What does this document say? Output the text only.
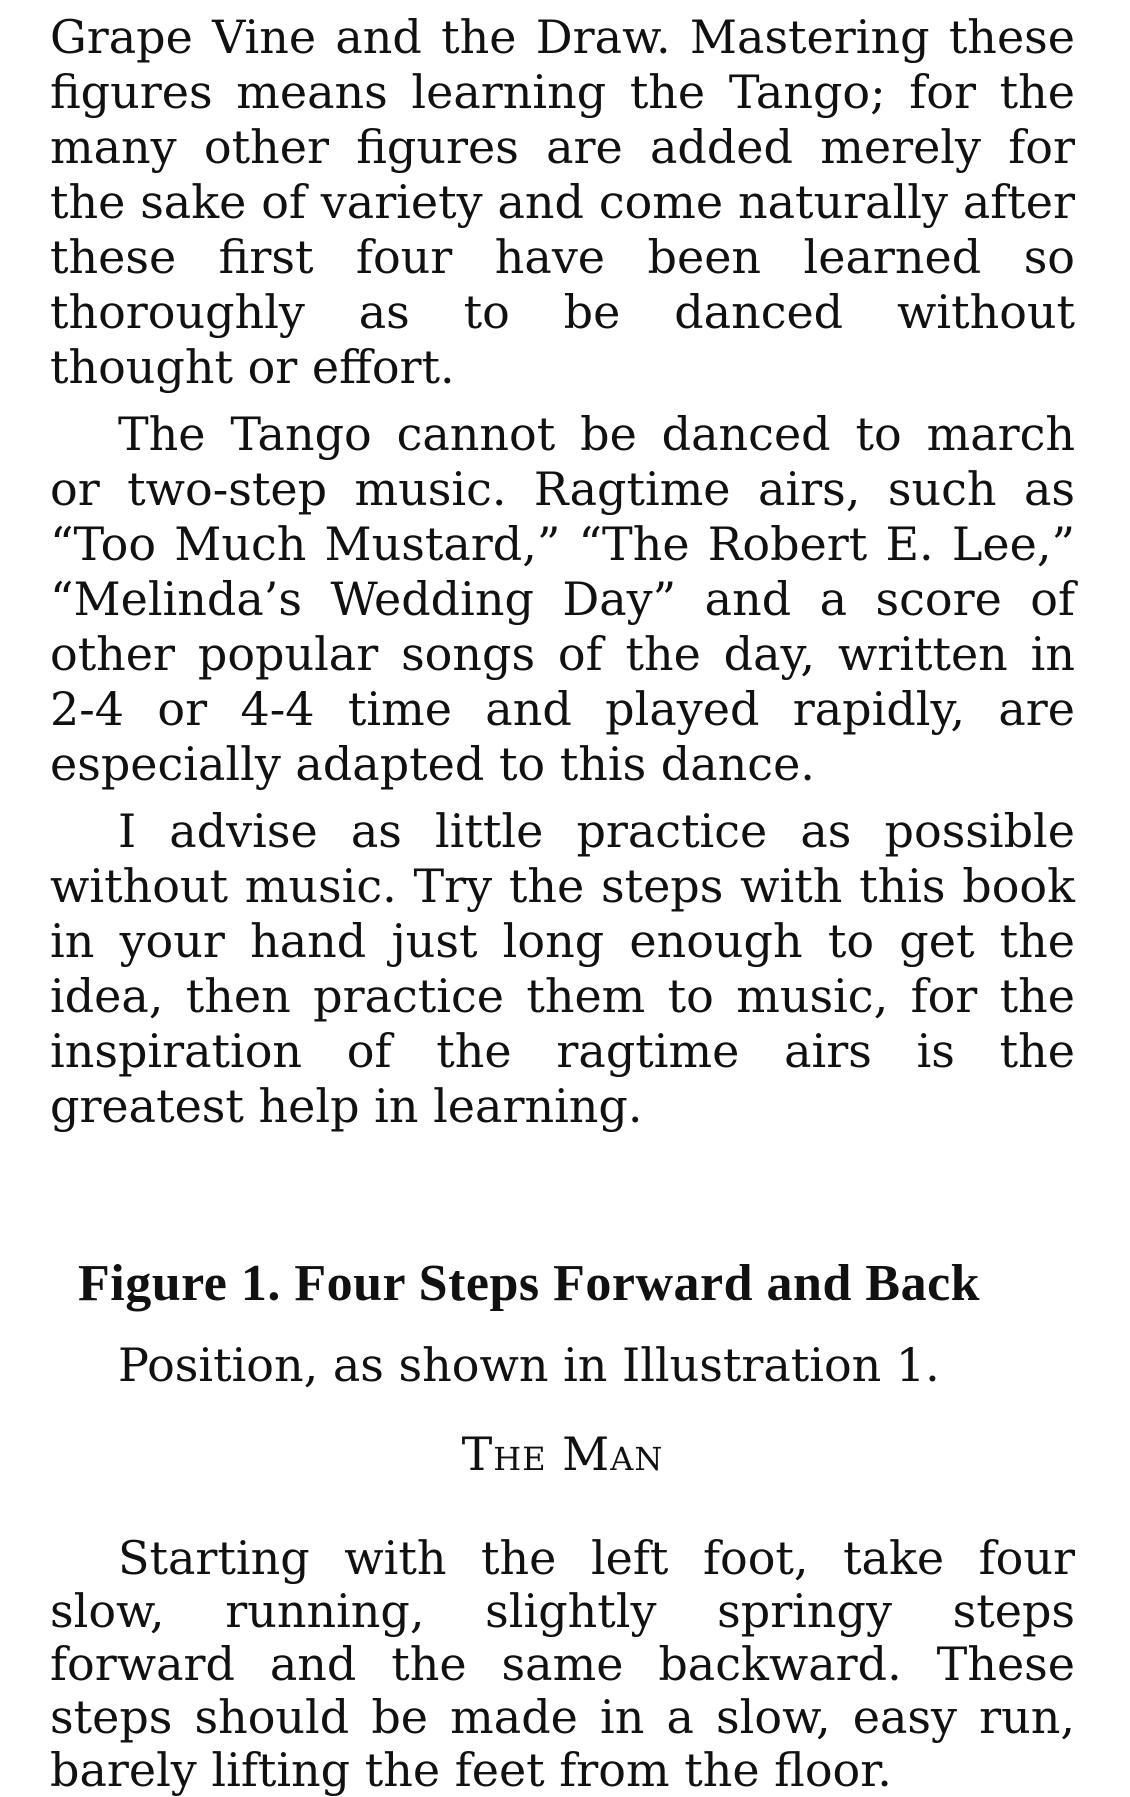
Grape Vine and the Draw. Mastering these figures means learning the Tango; for the many other figures are added merely for the sake of variety and come naturally after these first four have been learned so thoroughly as to be danced without thought or effort.

The Tango cannot be danced to march or two-step music. Ragtime airs, such as “Too Much Mustard,” “The Robert E. Lee,” “Melinda’s Wedding Day” and a score of other popular songs of the day, written in 2-4 or 4-4 time and played rapidly, are especially adapted to this dance.

I advise as little practice as possible without music. Try the steps with this book in your hand just long enough to get the idea, then practice them to music, for the inspiration of the ragtime airs is the greatest help in learning.

Figure 1. Four Steps Forward and Back

Position, as shown in Illustration 1.

The Man

Starting with the left foot, take four slow, running, slightly springy steps forward and the same backward. These steps should be made in a slow, easy run, barely lifting the feet from the floor.
